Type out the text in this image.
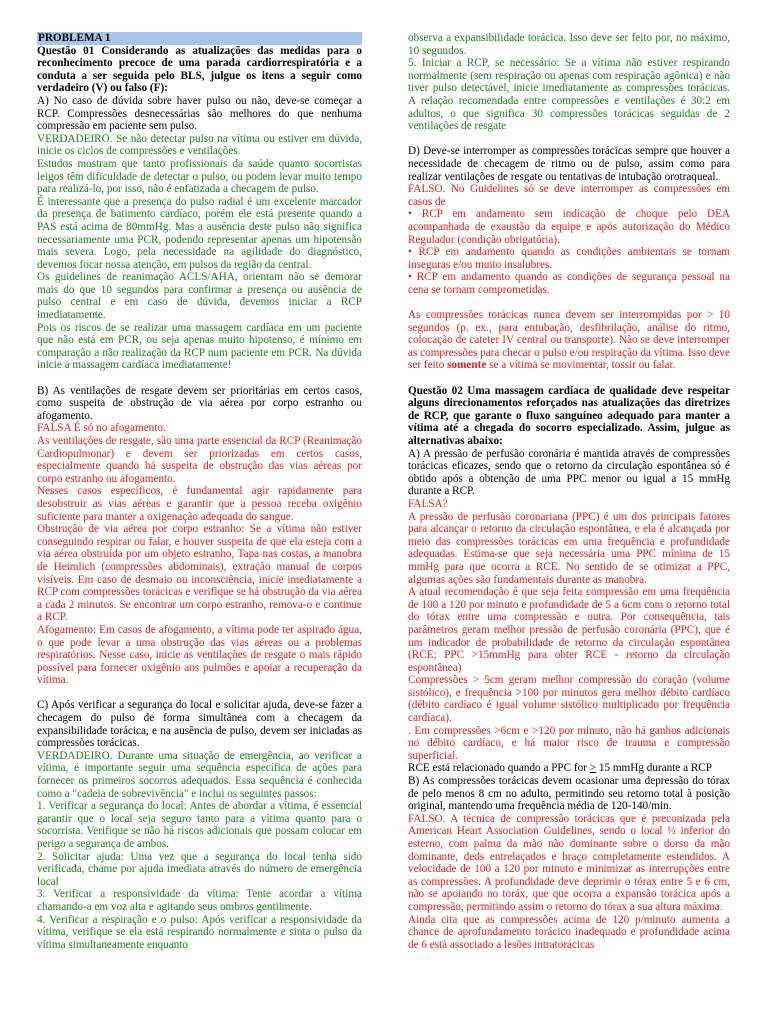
PROBLEMA 1

Questão 01 Considerando as atualizações das medidas para o reconhecimento precoce de uma parada cardiorrespiratória e a conduta a ser seguida pelo BLS, julgue os itens a seguir como verdadeiro (V) ou falso (F):

A) No caso de dúvida sobre haver pulso ou não, deve-se começar a RCP. Compressões desnecessárias são melhores do que nenhuma compressão em paciente sem pulso.

VERDADEIRO. Se não detectar pulso na vítima ou estiver em dúvida, inicie os ciclos de compressões e ventilações.

Estudos mostram que tanto profissionais da saúde quanto socorristas leigos têm dificuldade de detectar o pulso, ou podem levar muito tempo para realizá-lo, por isso, não é enfatizada a checagem de pulso.

É interessante que a presença do pulso radial é um excelente marcador da presença de batimento cardíaco, porém ele está presente quando a PAS está acima de 80mmHg. Mas a ausência deste pulso não significa necessariamente uma PCR, podendo representar apenas um hipotensão mais severa. Logo, pela necessidade na agilidade do diagnóstico, devemos focar nossa atenção, em pulsos da região da central.

Os guidelines de reanimação ACLS/AHA, orientam não se demorar mais do que 10 segundos para confirmar a presença ou ausência de pulso central e em caso de dúvida, devemos iniciar a RCP imediatamente.

Pois os riscos de se realizar uma massagem cardíaca em um paciente que não está em PCR, ou seja apenas muito hipotenso, é mínimo em comparação a não realização da RCP num paciente em PCR. Na dúvida inicie a massagem cardíaca imediatamente!

B) As ventilações de resgate devem ser prioritárias em certos casos, como suspeita de obstrução de via aérea por corpo estranho ou afogamento.

FALSA É só no afogamento.

As ventilações de resgate, são uma parte essencial da RCP (Reanimação Cardiopulmonar) e devem ser priorizadas em certos casos, especialmente quando há suspeita de obstrução das vias aéreas por corpo estranho ou afogamento.

Nesses casos específicos, é fundamental agir rapidamente para desobstruir as vias aéreas e garantir que a pessoa receba oxigênio suficiente para manter a oxigenação adequada do sangue.

Obstrução de via aérea por corpo estranho: Se a vítima não estiver conseguindo respirar ou falar, e houver suspeita de que ela esteja com a via aérea obstruída por um objeto estranho, Tapa nas costas, a manobra de Heimlich (compressões abdominais), extração manual de corpos visíveis. Em caso de desmaio ou inconsciência, inicie imediatamente a RCP com compressões torácicas e verifique se há obstrução da via aérea a cada 2 minutos. Se encontrar um corpo estranho, remova-o e continue a RCP.

Afogamento: Em casos de afogamento, a vítima pode ter aspirado água, o que pode levar a uma obstrução das vias aéreas ou a problemas respiratórios. Nesse caso, inicie as ventilações de resgate o mais rápido possível para fornecer oxigênio aos pulmões e apoiar a recuperação da vítima.

C) Após verificar a segurança do local e solicitar ajuda, deve-se fazer a checagem do pulso de forma simultânea com a checagem da expansibilidade torácica, e na ausência de pulso, devem ser iniciadas as compressões torácicas.

VERDADEIRO. Durante uma situação de emergência, ao verificar a vítima, é importante seguir uma sequência específica de ações para fornecer os primeiros socorros adequados. Essa sequência é conhecida como a "cadeia de sobrevivência" e inclui os seguintes passos:

1. Verificar a segurança do local: Antes de abordar a vítima, é essencial garantir que o local seja seguro tanto para a vítima quanto para o socorrista. Verifique se não há riscos adicionais que possam colocar em perigo a segurança de ambos.

2. Solicitar ajuda: Uma vez que a segurança do local tenha sido verificada, chame por ajuda imediata através do número de emergência local

3. Verificar a responsividade da vítima: Tente acordar a vítima chamando-a em voz alta e agitando seus ombros gentilmente.

4. Verificar a respiração e o pulso: Após verificar a responsividade da vítima, verifique se ela está respirando normalmente e sinta o pulso da vítima simultaneamente enquanto

observa a expansibilidade torácica. Isso deve ser feito por, no máximo, 10 segundos.

5. Iniciar a RCP, se necessário: Se a vítima não estiver respirando normalmente (sem respiração ou apenas com respiração agônica) e não tiver pulso detectável, inicie imediatamente as compressões torácicas. A relação recomendada entre compressões e ventilações é 30:2 em adultos, o que significa 30 compressões torácicas seguidas de 2 ventilações de resgate

D) Deve-se interromper as compressões torácicas sempre que houver a necessidade de checagem de ritmo ou de pulso, assim como para realizar ventilações de resgate ou tentativas de intubação orotraqueal.

FALSO. No Guidelines só se deve interromper as compressões em casos de

• RCP em andamento sem indicação de choque pelo DEA acompanhada de exaustão da equipe e após autorização do Médico Regulador (condição obrigatória).

• RCP em andamento quando as condições ambientais se tornam inseguras e/ou muito insalubres.

• RCP em andamento quando as condições de segurança pessoal na cena se tornam comprometidas.

As compressões torácicas nunca devem ser interrompidas por > 10 segundos (p. ex., para entubação, desfibrilação, análise do ritmo, colocação de cateter IV central ou transporte). Não se deve interromper as compressões para checar o pulso e/ou respiração da vítima. Isso deve ser feito somente se a vítima se movimentar, tossir ou falar.

Questão 02 Uma massagem cardíaca de qualidade deve respeitar alguns direcionamentos reforçados nas atualizações das diretrizes de RCP, que garante o fluxo sanguíneo adequado para manter a vítima até a chegada do socorro especializado. Assim, julgue as alternativas abaixo:

A) A pressão de perfusão coronária é mantida através de compressões torácicas eficazes, sendo que o retorno da circulação espontânea só é obtido após a obtenção de uma PPC menor ou igual a 15 mmHg durante a RCP.

FALSA?

A pressão de perfusão coronariana (PPC) é um dos principais fatores para alcançar o retorno da circulação espontânea, e ela é alcançada por meio das compressões torácicas em uma frequência e profundidade adequadas. Estima-se que seja necessária uma PPC mínima de 15 mmHg para que ocorra a RCE. No sentido de se otimizar a PPC, algumas ações são fundamentais durante as manobra.

A atual recomendação é que seja feita compressão em uma frequência de 100 a 120 por minuto e profundidade de 5 a 6cm com o retorno total do tórax entre uma compressão e outra. Por consequência, tais parâmetros geram melhor pressão de perfusão coronária (PPC), que é um indicador de probabilidade de retorno da circulação espontânea (RCE; PPC >15mmHg para obter RCE - retorno da circulação espontânea)

Compressões > 5cm geram melhor compressão do coração (volume sistólico), e frequência >100 por minutos gera melhor débito cardíaco (débito cardíaco é igual volume sistólico multiplicado por frequência cardíaca).

. Em compressões >6cm e >120 por minuto, não há ganhos adicionais no débito cardíaco, e há maior risco de trauma e compressão superficial.

RCE está relacionado quando a PPC for > 15 mmHg durante a RCP

B) As compressões torácicas devem ocasionar uma depressão do tórax de pelo menos 8 cm no adulto, permitindo seu retorno total à posição original, mantendo uma frequência média de 120-140/min.

FALSO. A técnica de compressão torácicas que é preconizada pela American Heart Association Guidelines, sendo o local ½ inferior do esterno, com palma da mão não dominante sobre o dorso da mão dominante, deds entrelaçados e braço completamente estendidos. A velocidade de 100 a 120 por minuto e minimizar as interrupções entre as compressões. A profundidade deve deprimir o tórax entre 5 e 6 cm, não se apoiando no toráx, que que ocorra a expansão torácica após a compressão, permitindo assim o retorno do tórax a sua altura máxima.

Ainda cita que as compressões acima de 120 p/minuto aumenta a chance de aprofundamento torácico inadequado e profundidade acima de 6 está associado a lesões intratorácicas
